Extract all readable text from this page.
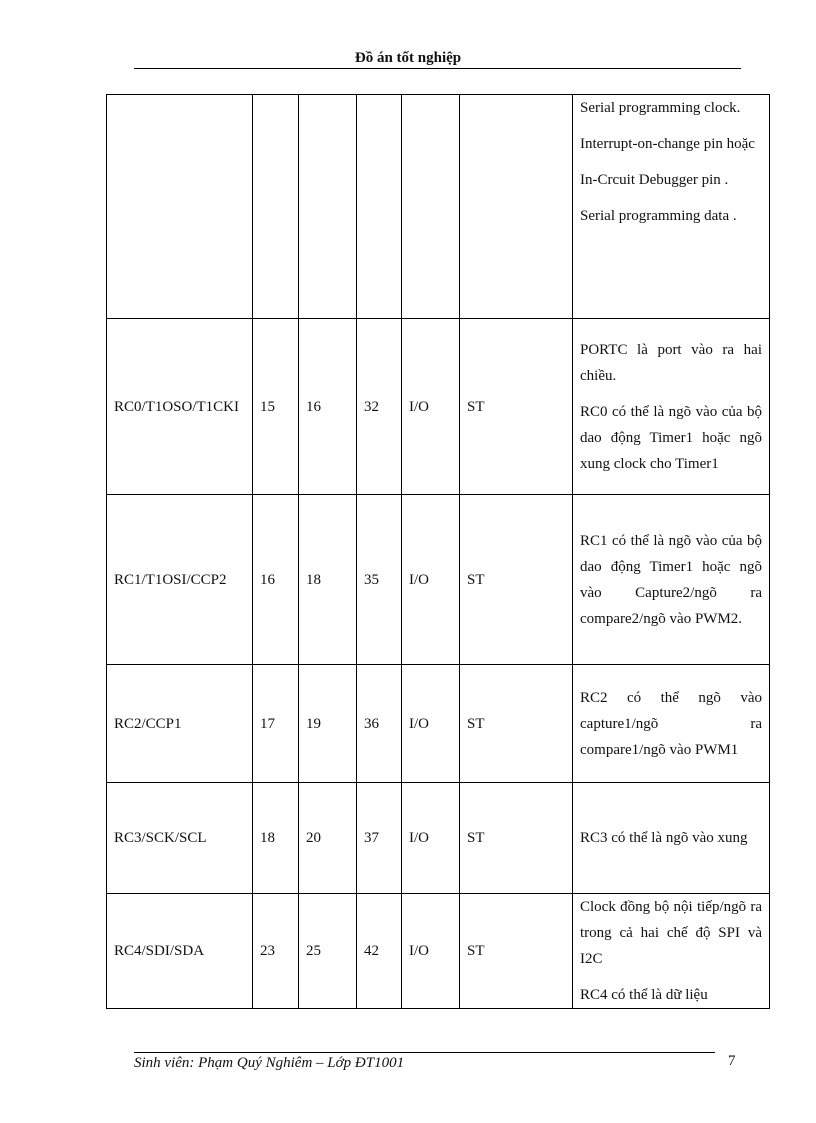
Đồ án tốt nghiệp

						Serial programming clock.

Interrupt-on-change pin hoặc

In-Crcuit Debugger pin .

Serial programming data .

RC0/T1OSO/T1CKI	15	16	32	I/O	ST	PORTC là port vào ra hai chiều.

RC0 có thể là ngõ vào của bộ dao động Timer1 hoặc ngõ xung clock cho Timer1

RC1/T1OSI/CCP2	16	18	35	I/O	ST	RC1 có thể là ngõ vào của bộ dao động Timer1 hoặc ngõ vào Capture2/ngõ ra compare2/ngõ vào PWM2.

RC2/CCP1	17	19	36	I/O	ST	RC2 có thể ngõ vào capture1/ngõ ra compare1/ngõ vào PWM1

RC3/SCK/SCL	18	20	37	I/O	ST	RC3 có thể là ngõ vào xung

RC4/SDI/SDA	23	25	42	I/O	ST	Clock đồng bộ nội tiếp/ngõ ra trong cả hai chế độ SPI và I2C

RC4 có thể là dữ liệu

Sinh viên: Phạm Quý Nghiêm – Lớp ĐT1001	7
